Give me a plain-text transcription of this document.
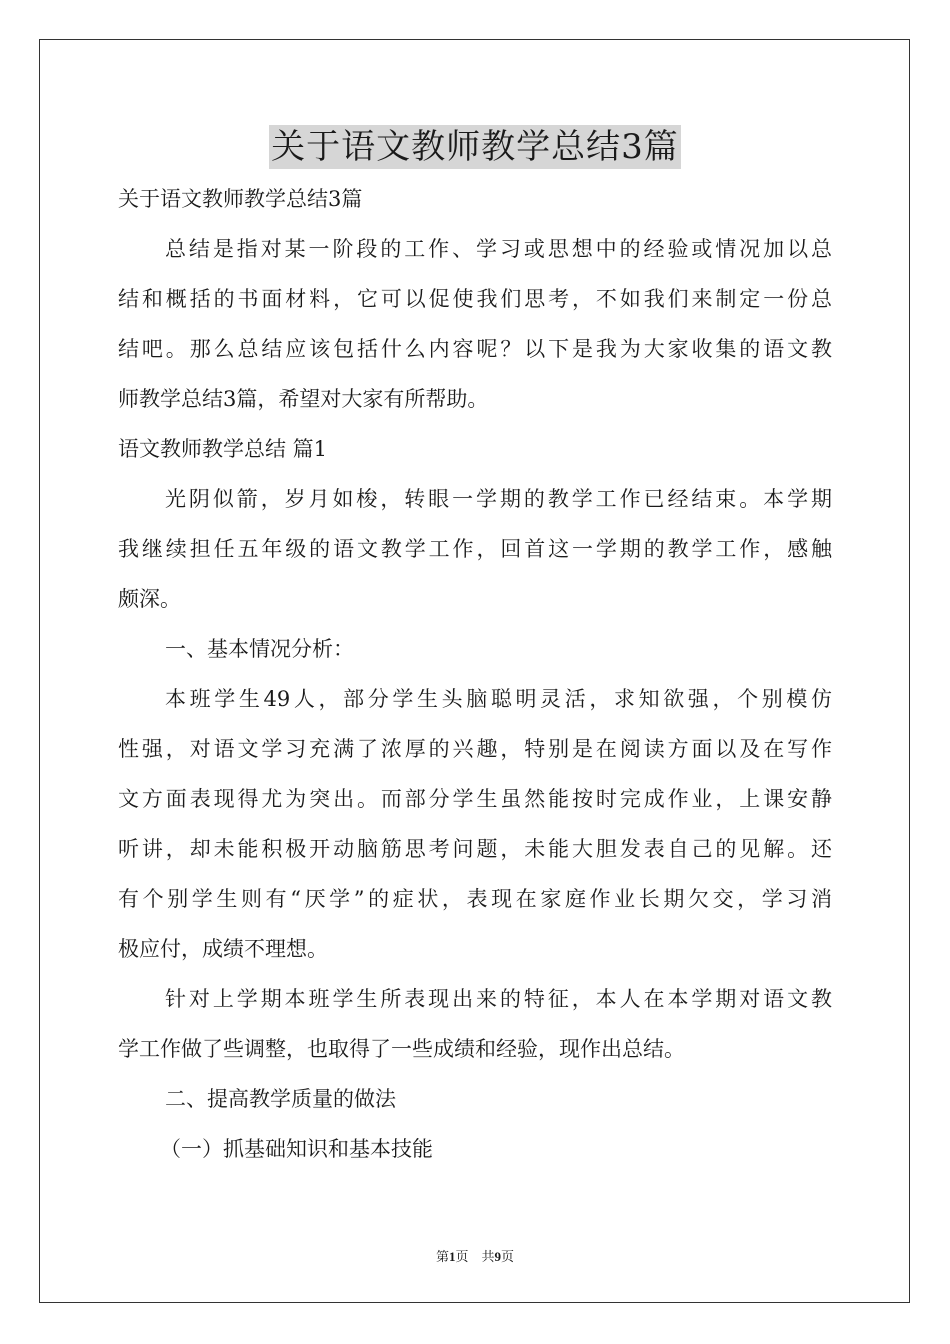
关于语文教师教学总结3篇

关于语文教师教学总结3篇

总结是指对某一阶段的工作、学习或思想中的经验或情况加以总

结和概括的书面材料，它可以促使我们思考，不如我们来制定一份总

结吧。那么总结应该包括什么内容呢？以下是我为大家收集的语文教

师教学总结3篇，希望对大家有所帮助。

语文教师教学总结 篇1

光阴似箭，岁月如梭，转眼一学期的教学工作已经结束。本学期

我继续担任五年级的语文教学工作，回首这一学期的教学工作，感触

颇深。

一、基本情况分析：

本班学生49人，部分学生头脑聪明灵活，求知欲强，个别模仿

性强，对语文学习充满了浓厚的兴趣，特别是在阅读方面以及在写作

文方面表现得尤为突出。而部分学生虽然能按时完成作业，上课安静

听讲，却未能积极开动脑筋思考问题，未能大胆发表自己的见解。还

有个别学生则有“厌学”的症状，表现在家庭作业长期欠交，学习消

极应付，成绩不理想。

针对上学期本班学生所表现出来的特征，本人在本学期对语文教

学工作做了些调整，也取得了一些成绩和经验，现作出总结。

二、提高教学质量的做法

（一）抓基础知识和基本技能

第1页　共9页
